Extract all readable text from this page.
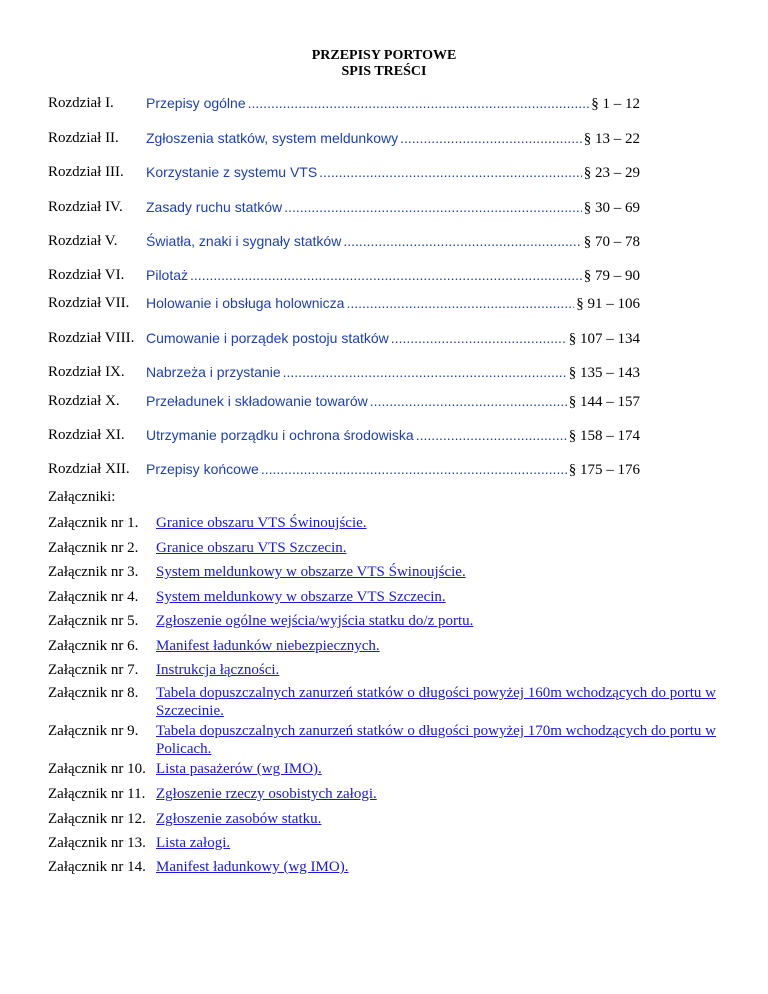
PRZEPISY PORTOWE
SPIS TREŚCI
Rozdział I. Przepisy ogólne .....	§ 1 – 12
Rozdział II. Zgłoszenia statków, system meldunkowy .....	§ 13 – 22
Rozdział III. Korzystanie z systemu VTS .....	§ 23 – 29
Rozdział IV. Zasady ruchu statków .....	§ 30 – 69
Rozdział V. Światła, znaki i sygnały statków .....	§ 70 – 78
Rozdział VI. Pilotaż .....	§ 79 – 90
Rozdział VII. Holowanie i obsługa holownicza .....	§ 91 – 106
Rozdział VIII. Cumowanie i porządek postoju statków .....	§ 107 – 134
Rozdział IX. Nabrzeża i przystanie .....	§ 135 – 143
Rozdział X. Przeładunek i składowanie towarów .....	§ 144 – 157
Rozdział XI. Utrzymanie porządku i ochrona środowiska .....	§ 158 – 174
Rozdział XII. Przepisy końcowe .....	§ 175 – 176
Załączniki:
Załącznik nr 1. Granice obszaru VTS Świnoujście.
Załącznik nr 2. Granice obszaru VTS Szczecin.
Załącznik nr 3. System meldunkowy w obszarze VTS Świnoujście.
Załącznik nr 4. System meldunkowy w obszarze VTS Szczecin.
Załącznik nr 5. Zgłoszenie ogólne wejścia/wyjścia statku do/z portu.
Załącznik nr 6. Manifest ładunków niebezpiecznych.
Załącznik nr 7. Instrukcja łączności.
Załącznik nr 8. Tabela dopuszczalnych zanurzeń statków o długości powyżej 160m wchodzących do portu w Szczecinie.
Załącznik nr 9. Tabela dopuszczalnych zanurzeń statków o długości powyżej 170m wchodzących do portu w Policach.
Załącznik nr 10. Lista pasażerów (wg IMO).
Załącznik nr 11. Zgłoszenie rzeczy osobistych załogi.
Załącznik nr 12. Zgłoszenie zasobów statku.
Załącznik nr 13. Lista załogi.
Załącznik nr 14. Manifest ładunkowy (wg IMO).
